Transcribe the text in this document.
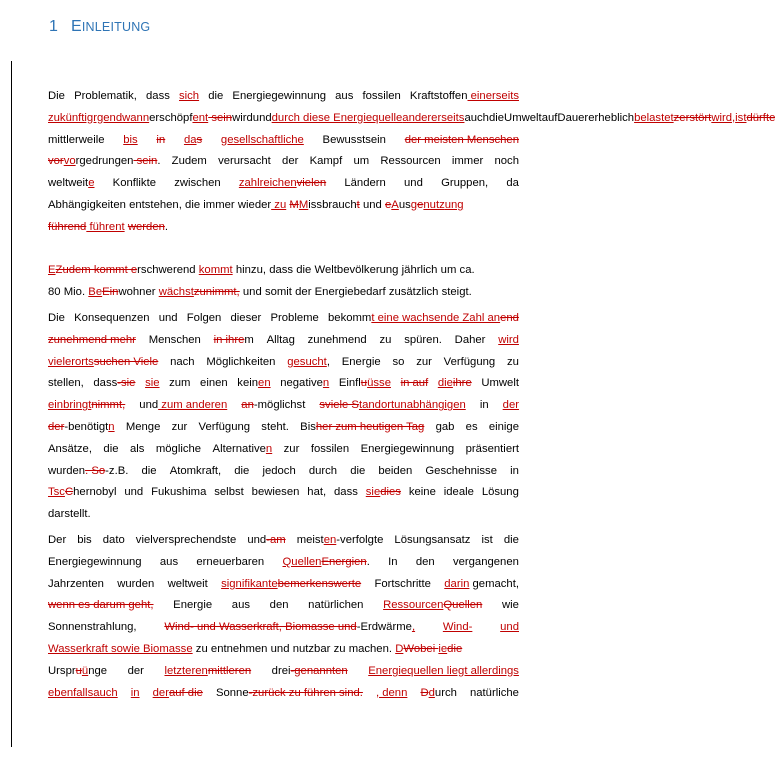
1 EINLEITUNG
Die Problematik, dass sich die Energiegewinnung aus fossilen Kraftstoffen einerseits
zukünftigrgendwann erschöpfent sein wird und durch diese Energiequelle andererseits auch die Umwelt auf Dauer erheblich belastetzerstört wird, istdürfte
mittlerweile bis in das gesellschaftliche Bewusstsein der meisten Menschen
vorvorgedrungen sein. Zudem verursacht der Kampf um Ressourcen immer noch
weltweite Konflikte zwischen zahlreichenvielen Ländern und Gruppen, da
Abhängigkeiten entstehen, die immer wieder zu MMissbraucht und eAusgenutzung
führend führent werden.
EZudem kommt erschwerend kommt hinzu, dass die Weltbevölkerung jährlich um ca.
80 Mio. BeEinwohner wächstzunimmt, und somit der Energiebedarf zusätzlich steigt.
Die Konsequenzen und Folgen dieser Probleme bekommt eine wachsende Zahl anend
zunehmend mehr Menschen in ihrem Alltag zunehmend zu spüren. Daher wird
vielerortssuchen Viele nach Möglichkeiten gesucht, Energie so zur Verfügung zu
stellen, dass-sie sie zum einen keinen negativen Einfluüsse in auf dieihre Umwelt
einbringtnimmt, und zum anderen an-möglichst sviele Standortunabhängigen in der
der-benötigtn Menge zur Verfügung steht. Bisher zum heutigen Tag gab es einige
Ansätze, die als mögliche Alternativen zur fossilen Energiegewinnung präsentiert
wurden. So-z.B. die Atomkraft, die jedoch durch die beiden Geschehnisse in
TscChernobyl und Fukushima selbst bewiesen hat, dass siedies keine ideale Lösung
darstellt.
Der bis dato vielversprechendste und-am meisten-verfolgte Lösungsansatz ist die
Energiegewinnung aus erneuerbaren QuellenEnergien. In den vergangenen
Jahrzenten wurden weltweit signifikantebemerkenswerte Fortschritte darin gemacht,
wenn es darum geht, Energie aus den natürlichen RessourcenQuellen wie
Sonnenstrahlung, Wind- und Wasserkraft, Biomasse und-Erdwärme, Wind- und
Wasserkraft sowie Biomasse zu entnehmen und nutzbar zu machen. DWobei iedie
Urspruünge der letzterenmittleren drei-genannten Energiequellen liegt allerdings
ebenfallsauch in derauf die Sonne-zurück zu führen sind. , denn Ddurch natürliche
